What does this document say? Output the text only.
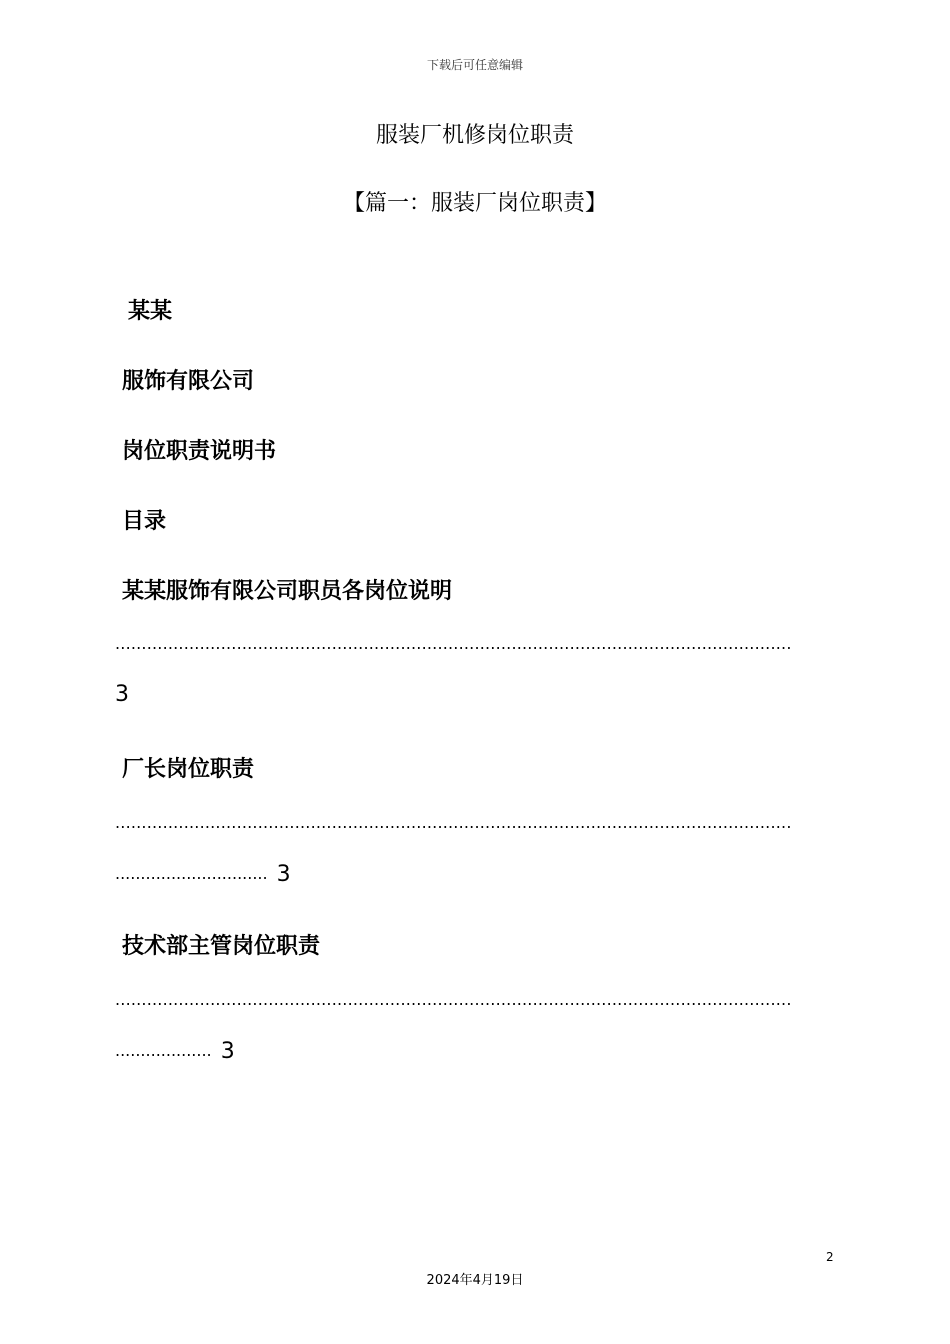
下载后可任意编辑
服装厂机修岗位职责
【篇一：服装厂岗位职责】
某某
服饰有限公司
岗位职责说明书
目录
某某服饰有限公司职员各岗位说明
................................................................................................................................
3
厂长岗位职责
................................................................................................................................
.............................. 3
技术部主管岗位职责
................................................................................................................................
................... 3
2
2024年4月19日
